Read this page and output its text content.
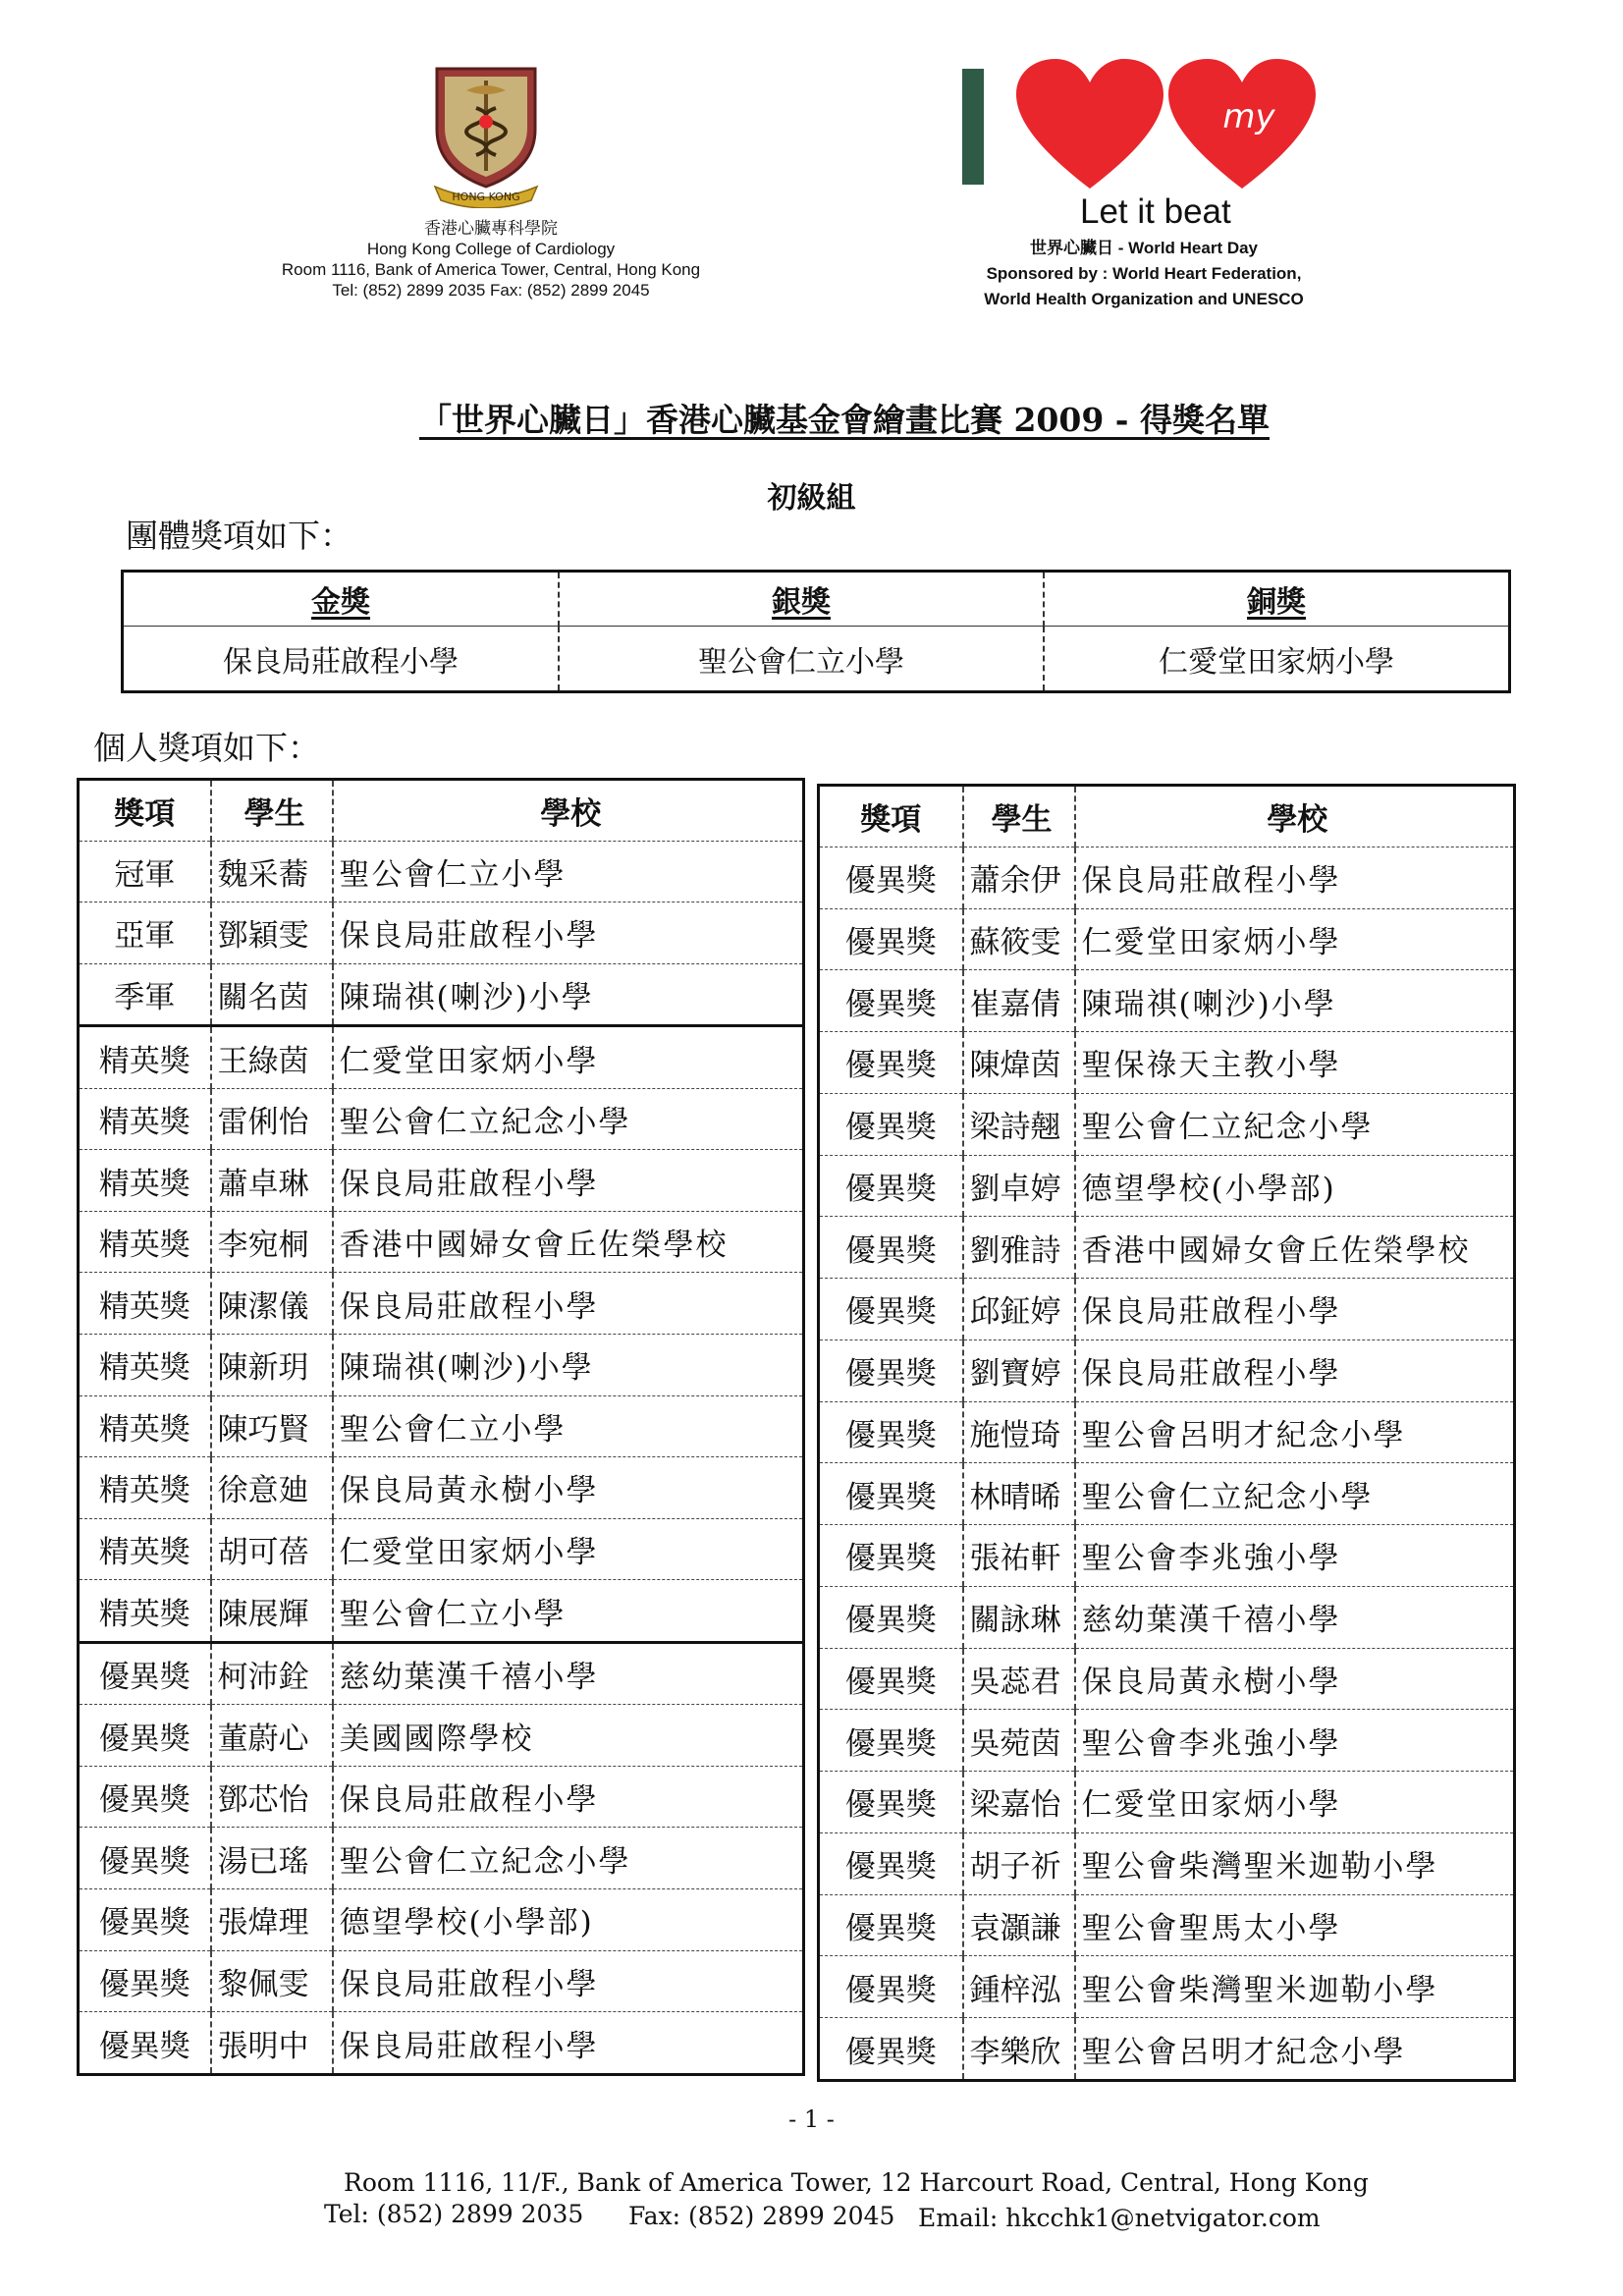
HONG KONG
香港心臟專科學院
Hong Kong College of Cardiology
Room 1116, Bank of America Tower, Central, Hong Kong
Tel: (852) 2899 2035 Fax: (852) 2899 2045
my
Let it beat
世界心臟日 - World Heart Day
Sponsored by : World Heart Federation,
World Health Organization and UNESCO
「世界心臟日」香港心臟基金會繪畫比賽 2009 - 得獎名單
初級組
團體獎項如下：
金獎	銀獎	銅獎
保良局莊啟程小學	聖公會仁立小學	仁愛堂田家炳小學
個人獎項如下：
獎項	學生	學校
冠軍	魏采蕎	聖公會仁立小學
亞軍	鄧穎雯	保良局莊啟程小學
季軍	關名茵	陳瑞祺(喇沙)小學
精英獎	王綠茵	仁愛堂田家炳小學
精英獎	雷俐怡	聖公會仁立紀念小學
精英獎	蕭卓琳	保良局莊啟程小學
精英獎	李宛桐	香港中國婦女會丘佐榮學校
精英獎	陳潔儀	保良局莊啟程小學
精英獎	陳新玥	陳瑞祺(喇沙)小學
精英獎	陳巧賢	聖公會仁立小學
精英獎	徐意廸	保良局黃永樹小學
精英獎	胡可蓓	仁愛堂田家炳小學
精英獎	陳展輝	聖公會仁立小學
優異獎	柯沛銓	慈幼葉漢千禧小學
優異獎	董蔚心	美國國際學校
優異獎	鄧芯怡	保良局莊啟程小學
優異獎	湯已瑤	聖公會仁立紀念小學
優異獎	張煒理	德望學校(小學部)
優異獎	黎佩雯	保良局莊啟程小學
優異獎	張明中	保良局莊啟程小學
獎項	學生	學校
優異獎	蕭余伊	保良局莊啟程小學
優異獎	蘇筱雯	仁愛堂田家炳小學
優異獎	崔嘉倩	陳瑞祺(喇沙)小學
優異獎	陳煒茵	聖保祿天主教小學
優異獎	梁詩翹	聖公會仁立紀念小學
優異獎	劉卓婷	德望學校(小學部)
優異獎	劉雅詩	香港中國婦女會丘佐榮學校
優異獎	邱鉦婷	保良局莊啟程小學
優異獎	劉寶婷	保良局莊啟程小學
優異獎	施愷琦	聖公會呂明才紀念小學
優異獎	林晴晞	聖公會仁立紀念小學
優異獎	張祐軒	聖公會李兆強小學
優異獎	關詠琳	慈幼葉漢千禧小學
優異獎	吳蕊君	保良局黃永樹小學
優異獎	吳菀茵	聖公會李兆強小學
優異獎	梁嘉怡	仁愛堂田家炳小學
優異獎	胡子祈	聖公會柴灣聖米迦勒小學
優異獎	袁灝謙	聖公會聖馬太小學
優異獎	鍾梓泓	聖公會柴灣聖米迦勒小學
優異獎	李樂欣	聖公會呂明才紀念小學
- 1 -
Room 1116, 11/F., Bank of America Tower, 12 Harcourt Road, Central, Hong Kong
Tel: (852) 2899 2035 Fax: (852) 2899 2045 Email: hkcchk1@netvigator.com
